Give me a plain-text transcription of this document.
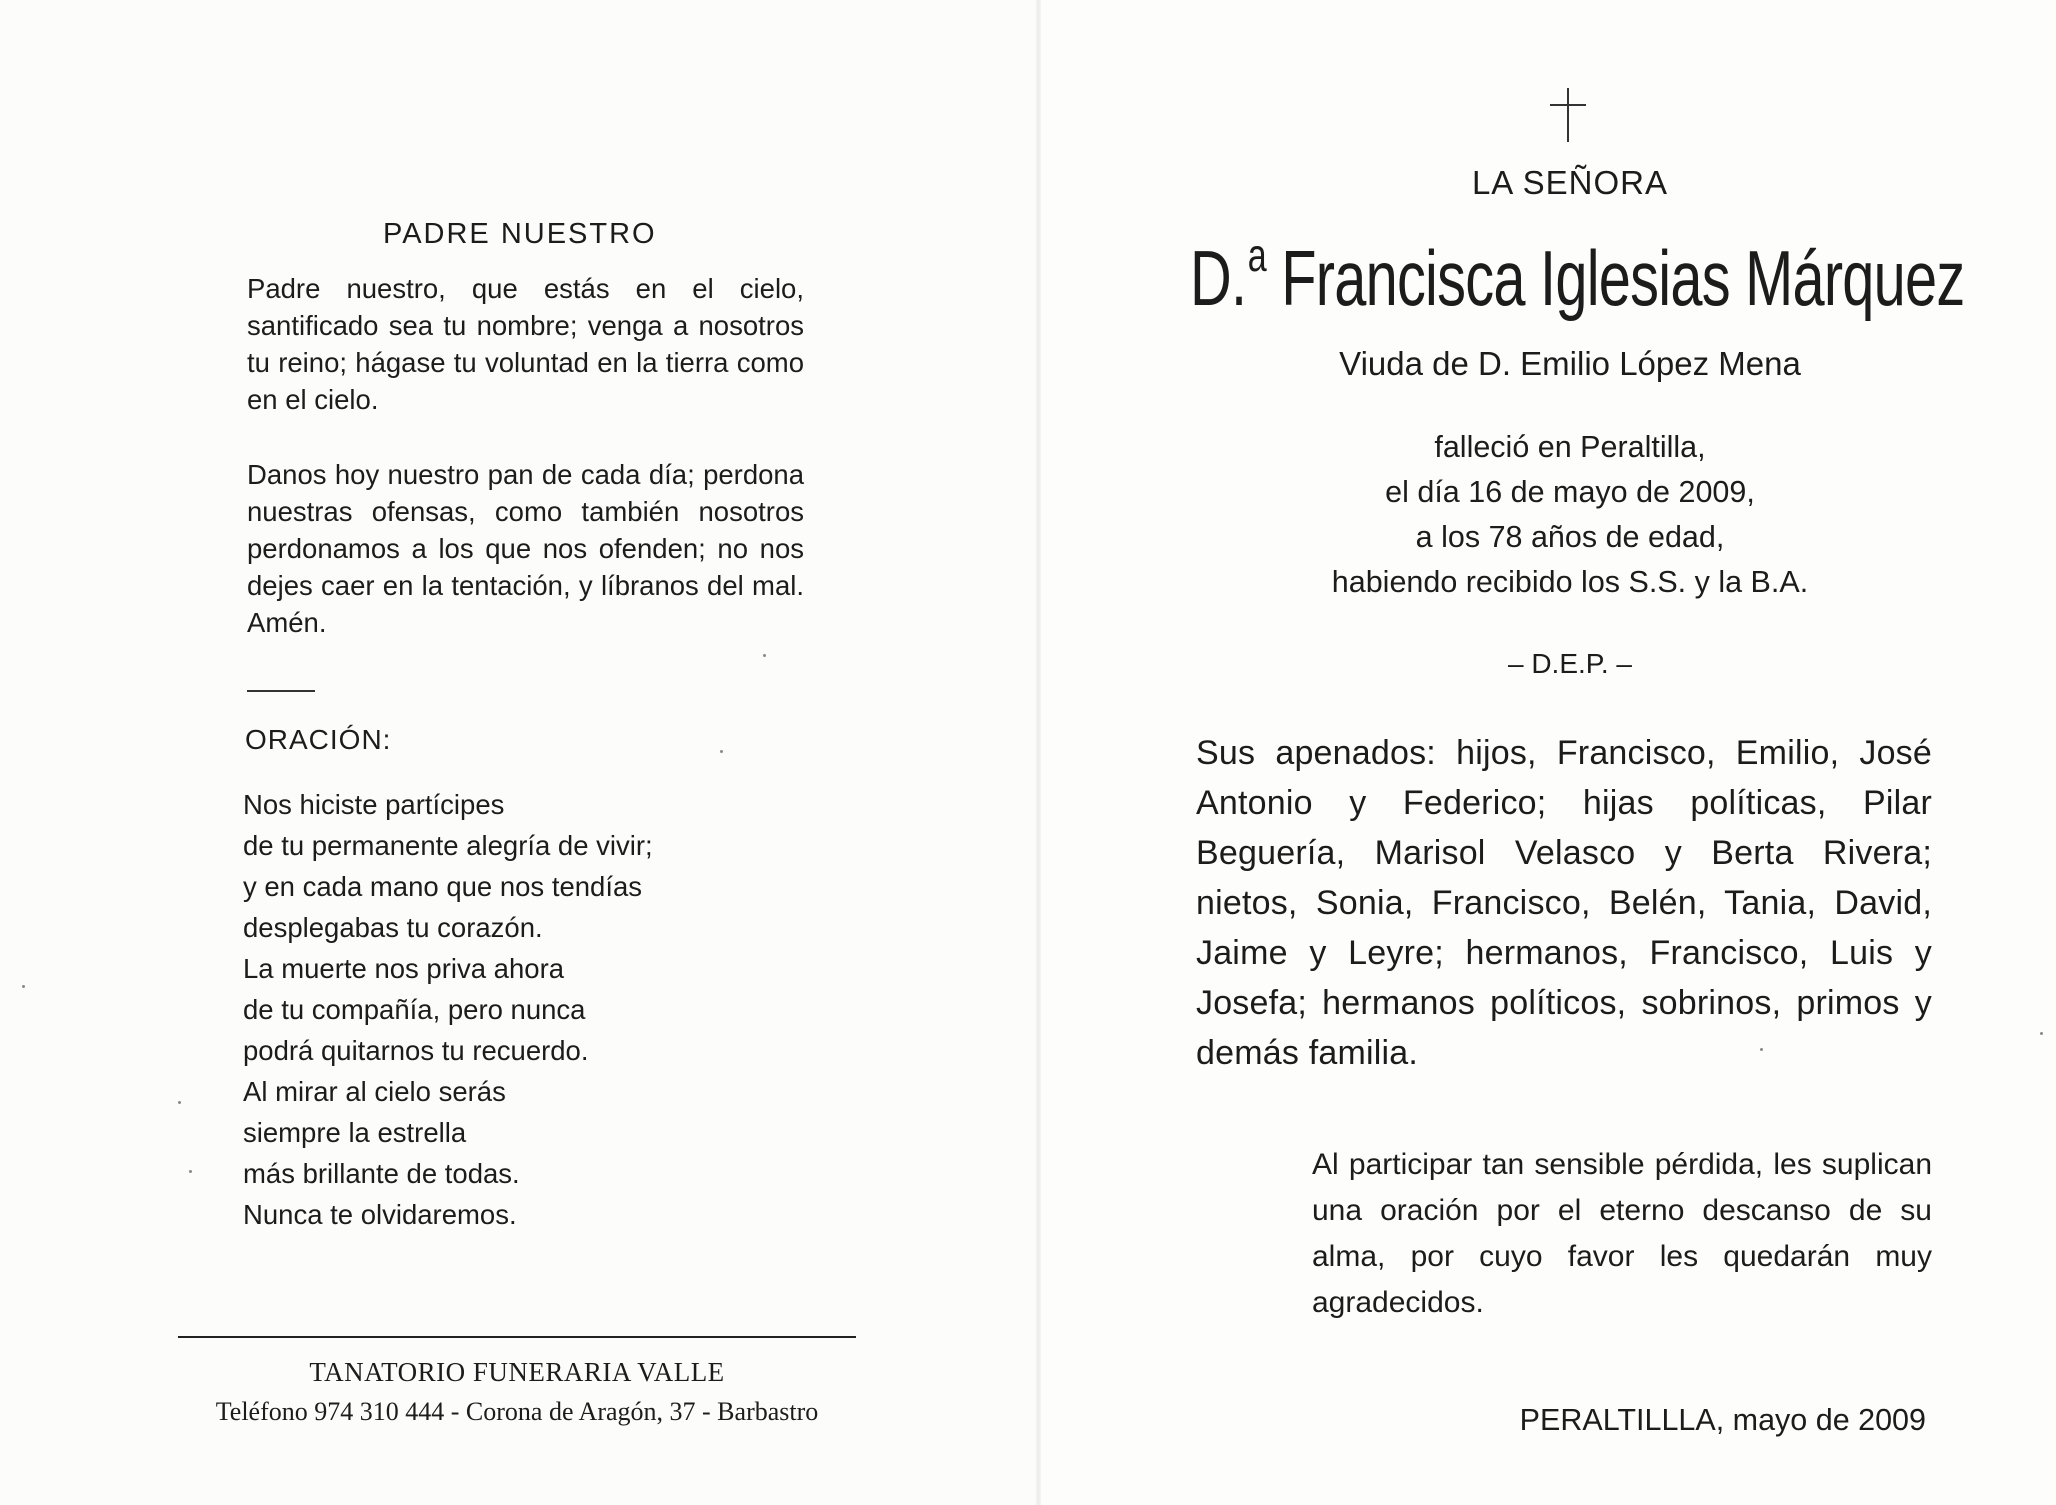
PADRE NUESTRO

Padre nuestro, que estás en el cielo, santificado sea tu nombre; venga a nosotros tu reino; hágase tu voluntad en la tierra como en el cielo.

Danos hoy nuestro pan de cada día; perdona nuestras ofensas, como también nosotros perdonamos a los que nos ofenden; no nos dejes caer en la tentación, y líbranos del mal. Amén.

ORACIÓN:
Nos hiciste partícipes
de tu permanente alegría de vivir;
y en cada mano que nos tendías
desplegabas tu corazón.
La muerte nos priva ahora
de tu compañía, pero nunca
podrá quitarnos tu recuerdo.
Al mirar al cielo serás
siempre la estrella
más brillante de todas.
Nunca te olvidaremos.
TANATORIO FUNERARIA VALLE
Teléfono 974 310 444 - Corona de Aragón, 37 - Barbastro
LA SEÑORA
D.$^a$ Francisca Iglesias Márquez
Viuda de D. Emilio López Mena
falleció en Peraltilla,
el día 16 de mayo de 2009,
a los 78 años de edad,
habiendo recibido los S.S. y la B.A.
– D.E.P. –

Sus apenados: hijos, Francisco, Emilio, José Antonio y Federico; hijas políticas, Pilar Beguería, Marisol Velasco y Berta Rivera; nietos, Sonia, Francisco, Belén, Tania, David, Jaime y Leyre; hermanos, Francisco, Luis y Josefa; hermanos políticos, sobrinos, primos y demás familia.

Al participar tan sensible pérdida, les suplican una oración por el eterno descanso de su alma, por cuyo favor les quedarán muy agradecidos.

PERALTILLLA, mayo de 2009
